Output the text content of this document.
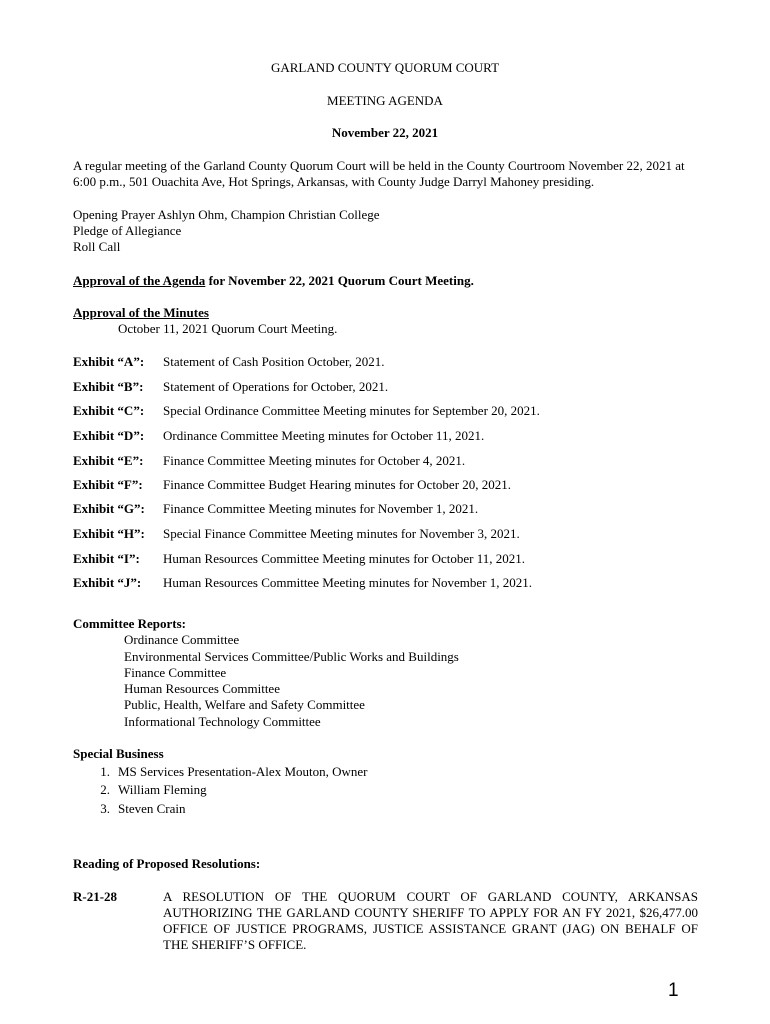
GARLAND COUNTY QUORUM COURT
MEETING AGENDA
November 22, 2021
A regular meeting of the Garland County Quorum Court will be held in the County Courtroom November 22, 2021 at 6:00 p.m., 501 Ouachita Ave, Hot Springs, Arkansas, with County Judge Darryl Mahoney presiding.
Opening Prayer Ashlyn Ohm, Champion Christian College
Pledge of Allegiance
Roll Call
Approval of the Agenda for November 22, 2021 Quorum Court Meeting.
Approval of the Minutes
October 11, 2021 Quorum Court Meeting.
Exhibit “A”: Statement of Cash Position October, 2021.
Exhibit “B”: Statement of Operations for October, 2021.
Exhibit “C”: Special Ordinance Committee Meeting minutes for September 20, 2021.
Exhibit “D”: Ordinance Committee Meeting minutes for October 11, 2021.
Exhibit “E”: Finance Committee Meeting minutes for October 4, 2021.
Exhibit “F”: Finance Committee Budget Hearing minutes for October 20, 2021.
Exhibit “G”: Finance Committee Meeting minutes for November 1, 2021.
Exhibit “H”: Special Finance Committee Meeting minutes for November 3, 2021.
Exhibit “I”: Human Resources Committee Meeting minutes for October 11, 2021.
Exhibit “J”: Human Resources Committee Meeting minutes for November 1, 2021.
Committee Reports:
Ordinance Committee
Environmental Services Committee/Public Works and Buildings
Finance Committee
Human Resources Committee
Public, Health, Welfare and Safety Committee
Informational Technology Committee
Special Business
1. MS Services Presentation-Alex Mouton, Owner
2. William Fleming
3. Steven Crain
Reading of Proposed Resolutions:
R-21-28	A RESOLUTION OF THE QUORUM COURT OF GARLAND COUNTY, ARKANSAS AUTHORIZING THE GARLAND COUNTY SHERIFF TO APPLY FOR AN FY 2021, $26,477.00 OFFICE OF JUSTICE PROGRAMS, JUSTICE ASSISTANCE GRANT (JAG) ON BEHALF OF THE SHERIFF’S OFFICE.
1
